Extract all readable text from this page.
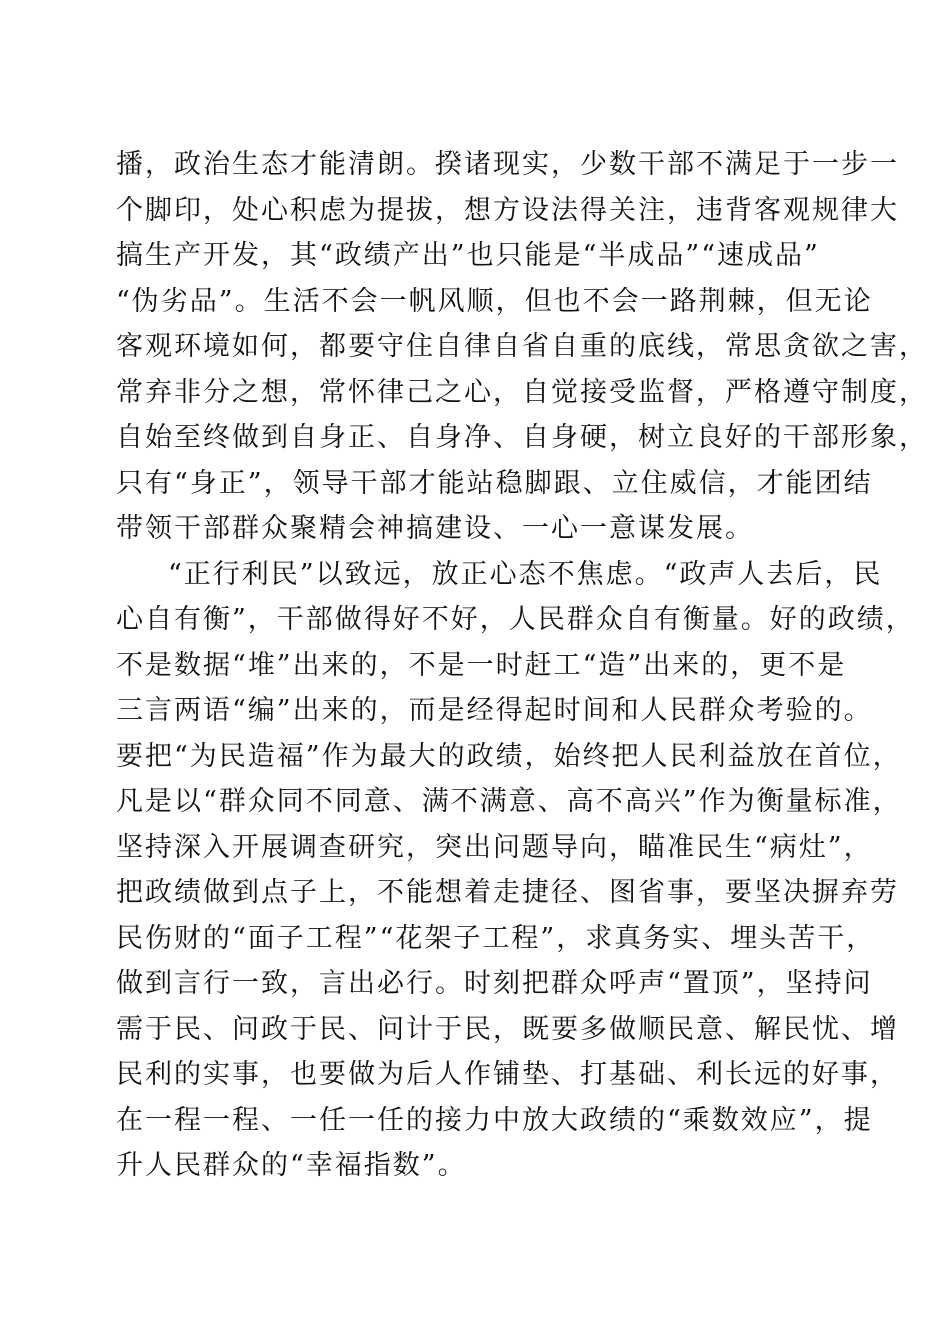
播，政治生态才能清朗。揆诸现实，少数干部不满足于一步一
个脚印，处心积虑为提拔，想方设法得关注，违背客观规律大
搞生产开发，其“政绩产出”也只能是“半成品”“速成品”
“伪劣品”。生活不会一帆风顺，但也不会一路荆棘，但无论
客观环境如何，都要守住自律自省自重的底线，常思贪欲之害，
常弃非分之想，常怀律己之心，自觉接受监督，严格遵守制度，
自始至终做到自身正、自身净、自身硬，树立良好的干部形象，
只有“身正”，领导干部才能站稳脚跟、立住威信，才能团结
带领干部群众聚精会神搞建设、一心一意谋发展。
“正行利民”以致远，放正心态不焦虑。“政声人去后，民
心自有衡”，干部做得好不好，人民群众自有衡量。好的政绩，
不是数据“堆”出来的，不是一时赶工“造”出来的，更不是
三言两语“编”出来的，而是经得起时间和人民群众考验的。
要把“为民造福”作为最大的政绩，始终把人民利益放在首位，
凡是以“群众同不同意、满不满意、高不高兴”作为衡量标准，
坚持深入开展调查研究，突出问题导向，瞄准民生“病灶”，
把政绩做到点子上，不能想着走捷径、图省事，要坚决摒弃劳
民伤财的“面子工程”“花架子工程”，求真务实、埋头苦干，
做到言行一致，言出必行。时刻把群众呼声“置顶”，坚持问
需于民、问政于民、问计于民，既要多做顺民意、解民忧、增
民利的实事，也要做为后人作铺垫、打基础、利长远的好事，
在一程一程、一任一任的接力中放大政绩的“乘数效应”，提
升人民群众的“幸福指数”。
